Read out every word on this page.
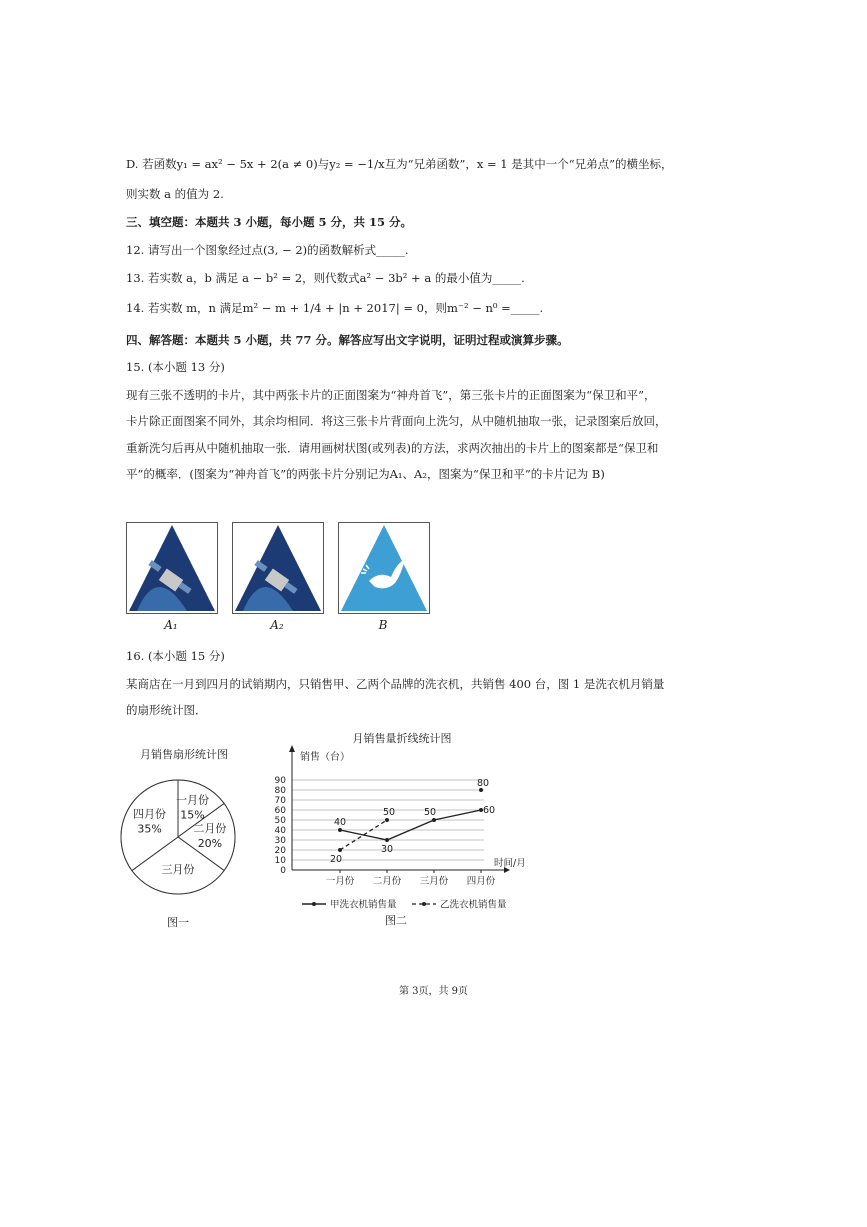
D. 若函数y₁ = ax² − 5x + 2(a ≠ 0)与y₂ = −1/x互为“兄弟函数”，x = 1 是其中一个“兄弟点”的横坐标，
则实数 a 的值为 2.
三、填空题：本题共 3 小题，每小题 5 分，共 15 分。
12. 请写出一个图象经过点(3, − 2)的函数解析式_____.
13. 若实数 a，b 满足 a − b² = 2，则代数式a² − 3b² + a 的最小值为_____.
14. 若实数 m，n 满足m² − m + 1/4 + |n + 2017| = 0，则m⁻² − n⁰ =_____.
四、解答题：本题共 5 小题，共 77 分。解答应写出文字说明，证明过程或演算步骤。
15. (本小题 13 分)
现有三张不透明的卡片，其中两张卡片的正面图案为“神舟首飞”，第三张卡片的正面图案为“保卫和平”，
卡片除正面图案不同外，其余均相同．将这三张卡片背面向上洗匀，从中随机抽取一张，记录图案后放回，
重新洗匀后再从中随机抽取一张．请用画树状图(或列表)的方法，求两次抽出的卡片上的图案都是“保卫和
平”的概率．(图案为“神舟首飞”的两张卡片分别记为A₁、A₂，图案为“保卫和平”的卡片记为 B)
A₁	A₂	B
16. (本小题 15 分)
某商店在一月到四月的试销期内，只销售甲、乙两个品牌的洗衣机，共销售 400 台，图 1 是洗衣机月销量
的扇形统计图．
月销售扇形统计图
一月份
15%
二月份
20%
三月份
四月份
35%
图一
月销售量折线统计图
销售（台）
0
10
20
30
40
50
60
70
80
90
时间/月
一月份 二月份 三月份 四月份
40
30
50	60
20
50
80
甲洗衣机销售量	乙洗衣机销售量
图二
第 3页，共 9页
